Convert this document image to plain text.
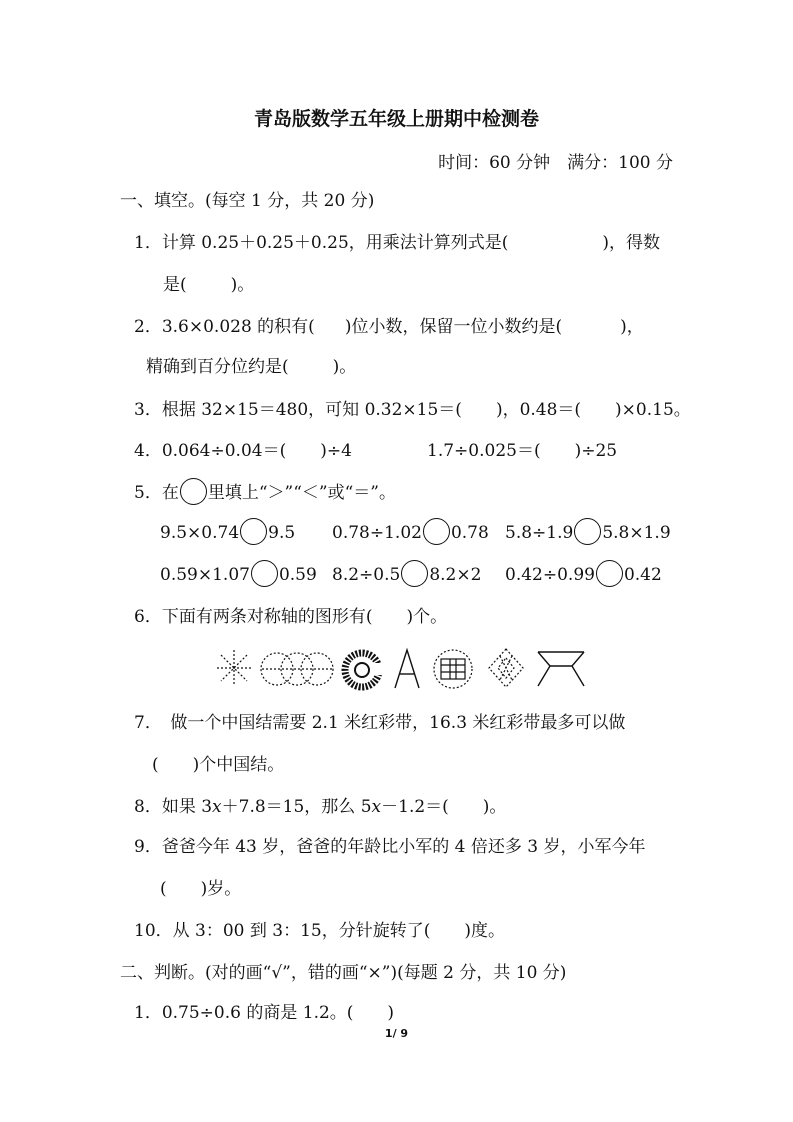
青岛版数学五年级上册期中检测卷
时间：60 分钟　满分：100 分
一、填空。(每空 1 分，共 20 分)
1．计算 0.25＋0.25＋0.25，用乘法计算列式是(	)，得数
是(	)。
2．3.6×0.028 的积有( )位小数，保留一位小数约是(	)，
精确到百分位约是(	)。
3．根据 32×15＝480，可知 0.32×15＝(　　)，0.48＝(　　)×0.15。
4．0.064÷0.04＝(　　)÷4	1.7÷0.025＝(　　)÷25
5．在 里填上“＞”“＜”或“＝”。
9.5×0.74 9.5 0.78÷1.02 0.78 5.8÷1.9 5.8×1.9
0.59×1.07 0.59 8.2÷0.5 8.2×2 0.42÷0.99 0.42
6．下面有两条对称轴的图形有(　　)个。
7．　做一个中国结需要 2.1 米红彩带，16.3 米红彩带最多可以做
(　　)个中国结。
8．如果 3x＋7.8＝15，那么 5x－1.2＝(　　)。
9．爸爸今年 43 岁，爸爸的年龄比小军的 4 倍还多 3 岁，小军今年
(　　)岁。
10．从 3：00 到 3：15，分针旋转了(　　)度。
二、判断。(对的画“√”，错的画“×”)(每题 2 分，共 10 分)
1．0.75÷0.6 的商是 1.2。(　　)
1/ 9
